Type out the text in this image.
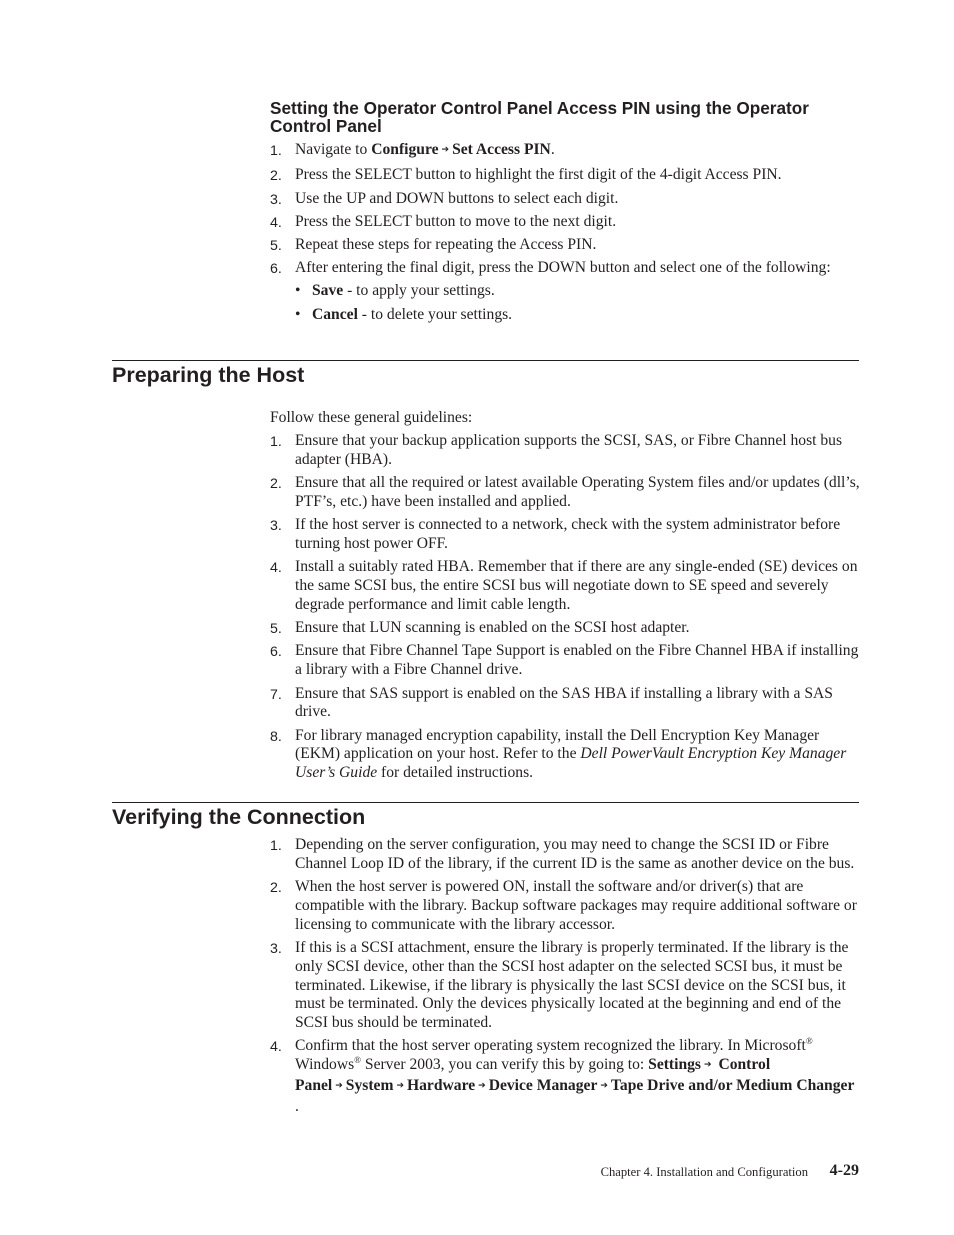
Setting the Operator Control Panel Access PIN using the Operator Control Panel
1. Navigate to Configure ➔ Set Access PIN.
2. Press the SELECT button to highlight the first digit of the 4-digit Access PIN.
3. Use the UP and DOWN buttons to select each digit.
4. Press the SELECT button to move to the next digit.
5. Repeat these steps for repeating the Access PIN.
6. After entering the final digit, press the DOWN button and select one of the following:
• Save - to apply your settings.
• Cancel - to delete your settings.
Preparing the Host
Follow these general guidelines:
1. Ensure that your backup application supports the SCSI, SAS, or Fibre Channel host bus adapter (HBA).
2. Ensure that all the required or latest available Operating System files and/or updates (dll’s, PTF’s, etc.) have been installed and applied.
3. If the host server is connected to a network, check with the system administrator before turning host power OFF.
4. Install a suitably rated HBA. Remember that if there are any single-ended (SE) devices on the same SCSI bus, the entire SCSI bus will negotiate down to SE speed and severely degrade performance and limit cable length.
5. Ensure that LUN scanning is enabled on the SCSI host adapter.
6. Ensure that Fibre Channel Tape Support is enabled on the Fibre Channel HBA if installing a library with a Fibre Channel drive.
7. Ensure that SAS support is enabled on the SAS HBA if installing a library with a SAS drive.
8. For library managed encryption capability, install the Dell Encryption Key Manager (EKM) application on your host. Refer to the Dell PowerVault Encryption Key Manager User’s Guide for detailed instructions.
Verifying the Connection
1. Depending on the server configuration, you may need to change the SCSI ID or Fibre Channel Loop ID of the library, if the current ID is the same as another device on the bus.
2. When the host server is powered ON, install the software and/or driver(s) that are compatible with the library. Backup software packages may require additional software or licensing to communicate with the library accessor.
3. If this is a SCSI attachment, ensure the library is properly terminated. If the library is the only SCSI device, other than the SCSI host adapter on the selected SCSI bus, it must be terminated. Likewise, if the library is physically the last SCSI device on the SCSI bus, it must be terminated. Only the devices physically located at the beginning and end of the SCSI bus should be terminated.
4. Confirm that the host server operating system recognized the library. In Microsoft® Windows® Server 2003, you can verify this by going to: Settings ➔ Control Panel ➔ System ➔ Hardware ➔ Device Manager ➔ Tape Drive and/or Medium Changer .
Chapter 4. Installation and Configuration 4-29
